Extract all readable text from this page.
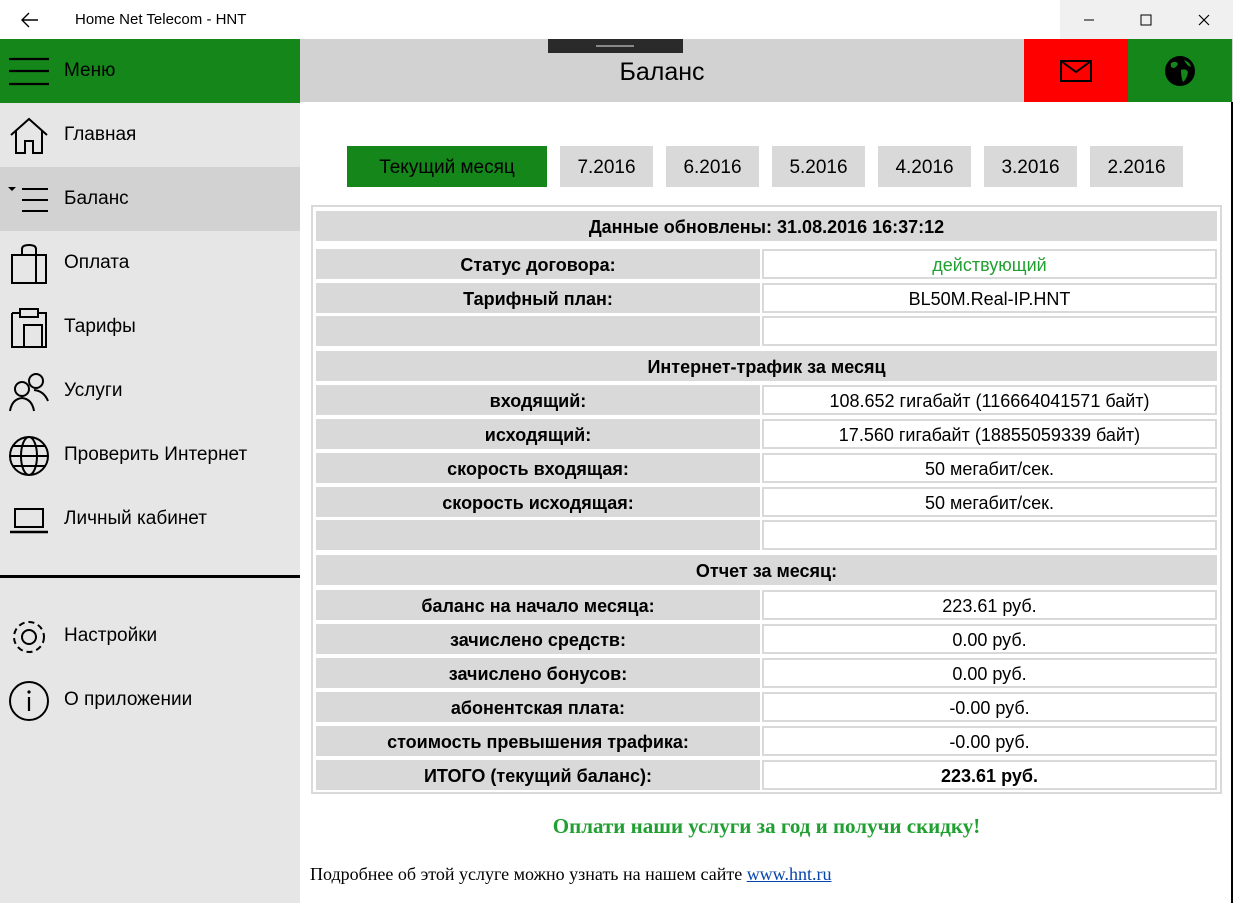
Home Net Telecom - HNT
Меню
Главная
Баланс
Оплата
Тарифы
Услуги
Проверить Интернет
Личный кабинет
Настройки
О приложении
Баланс
Текущий месяц	7.2016	6.2016	5.2016	4.2016	3.2016	2.2016
Данные обновлены: 31.08.2016 16:37:12
Статус договора:	действующий
Тарифный план:	BL50M.Real-IP.HNT
Интернет-трафик за месяц
входящий:	108.652 гигабайт (116664041571 байт)
исходящий:	17.560 гигабайт (18855059339 байт)
скорость входящая:	50 мегабит/сек.
скорость исходящая:	50 мегабит/сек.
Отчет за месяц:
баланс на начало месяца:	223.61 руб.
зачислено средств:	0.00 руб.
зачислено бонусов:	0.00 руб.
абонентская плата:	-0.00 руб.
стоимость превышения трафика:	-0.00 руб.
ИТОГО (текущий баланс):	223.61 руб.
Оплати наши услуги за год и получи скидку!
Подробнее об этой услуге можно узнать на нашем сайте www.hnt.ru
